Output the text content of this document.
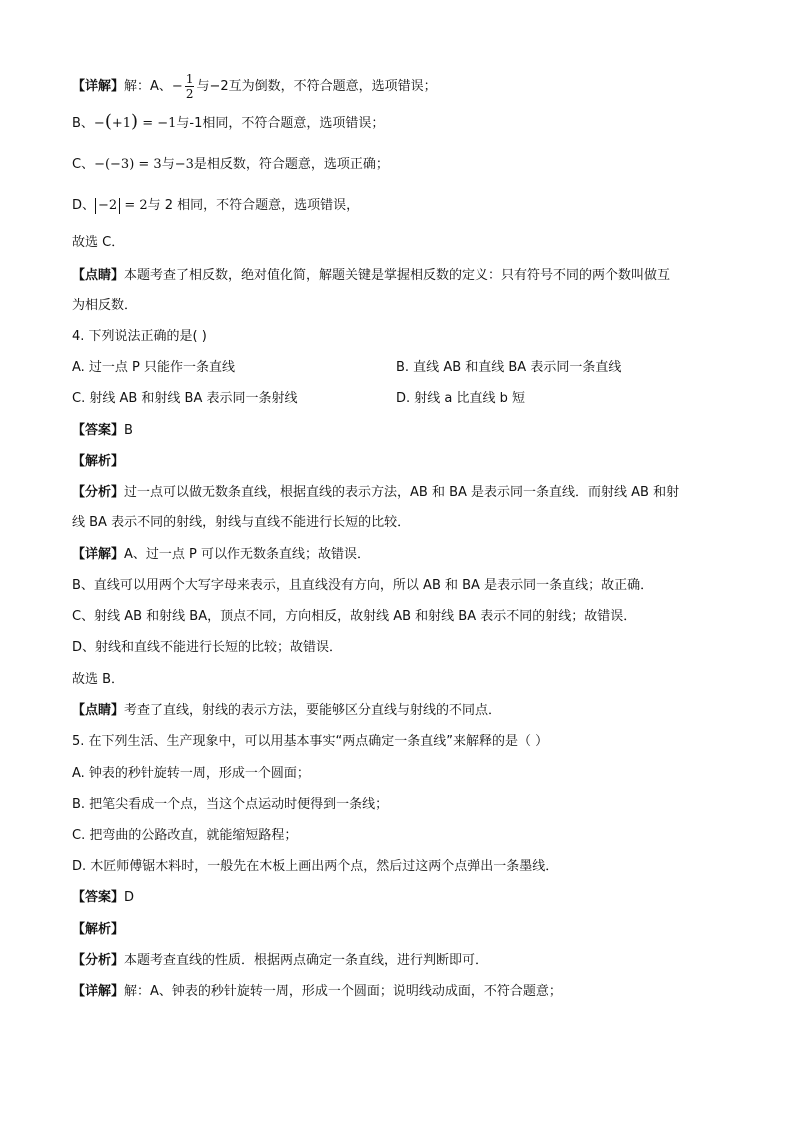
【详解】解：A、− $\frac{1}{2}$ 与−2互为倒数，不符合题意，选项错误；
B、−(+1) = −1与-1相同，不符合题意，选项错误；
C、−(−3) = 3与−3是相反数，符合题意，选项正确；
D、 −2 = 2与 2 相同，不符合题意，选项错误，
故选 C．
【点睛】本题考查了相反数，绝对值化简，解题关键是掌握相反数的定义：只有符号不同的两个数叫做互
为相反数．
4. 下列说法正确的是( )
A. 过一点 P 只能作一条直线	B. 直线 AB 和直线 BA 表示同一条直线
C. 射线 AB 和射线 BA 表示同一条射线	D. 射线 a 比直线 b 短
【答案】B
【解析】
【分析】过一点可以做无数条直线，根据直线的表示方法，AB 和 BA 是表示同一条直线．而射线 AB 和射
线 BA 表示不同的射线，射线与直线不能进行长短的比较．
【详解】A、过一点 P 可以作无数条直线；故错误．
B、直线可以用两个大写字母来表示，且直线没有方向，所以 AB 和 BA 是表示同一条直线；故正确．
C、射线 AB 和射线 BA，顶点不同，方向相反，故射线 AB 和射线 BA 表示不同的射线；故错误．
D、射线和直线不能进行长短的比较；故错误．
故选 B．
【点睛】考查了直线，射线的表示方法，要能够区分直线与射线的不同点．
5. 在下列生活、生产现象中，可以用基本事实“两点确定一条直线”来解释的是（ ）
A. 钟表的秒针旋转一周，形成一个圆面；
B. 把笔尖看成一个点，当这个点运动时便得到一条线；
C. 把弯曲的公路改直，就能缩短路程；
D. 木匠师傅锯木料时，一般先在木板上画出两个点，然后过这两个点弹出一条墨线．
【答案】D
【解析】
【分析】本题考查直线的性质．根据两点确定一条直线，进行判断即可．
【详解】解：A、钟表的秒针旋转一周，形成一个圆面；说明线动成面，不符合题意；
